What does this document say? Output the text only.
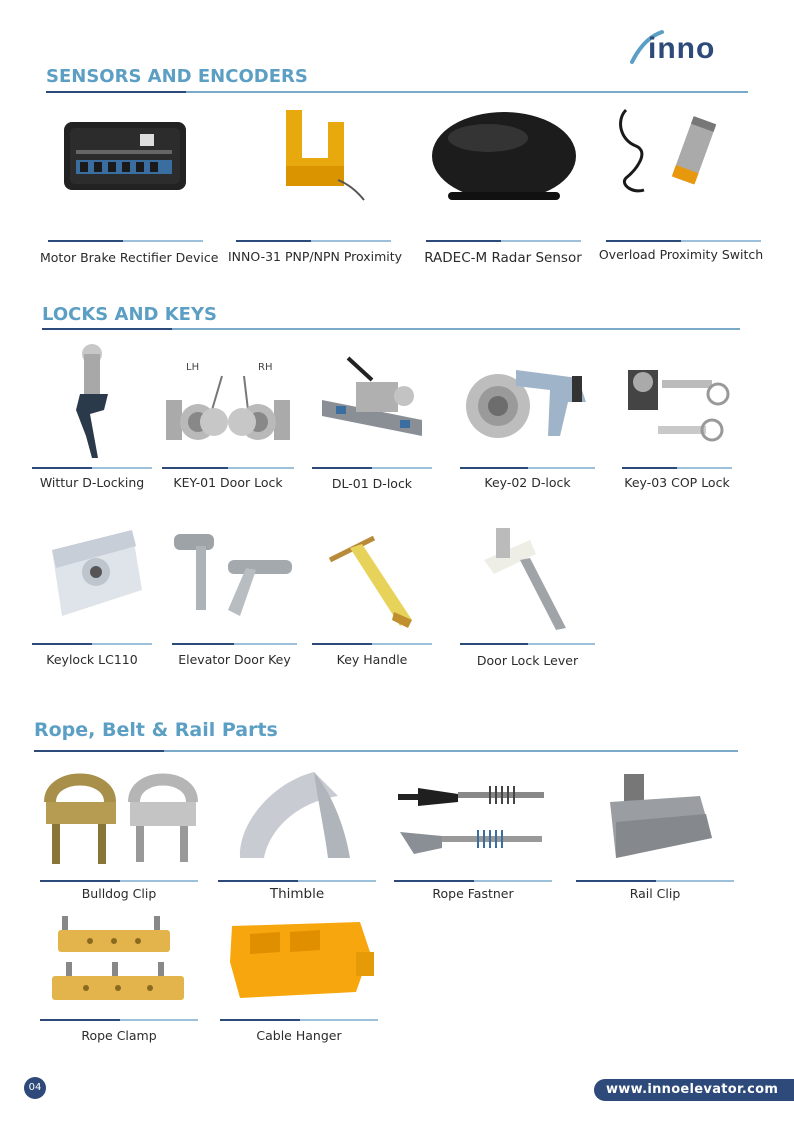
inno
SENSORS AND ENCODERS
Motor Brake Rectifier Device INNO-31 PNP/NPN Proximity	RADEC-M Radar Sensor	Overload Proximity Switch
LOCKS AND KEYS
Wittur D-Locking
LH	RH
KEY-01 Door Lock	DL-01 D-lock	Key-02 D-lock	Key-03 COP Lock
Keylock LC110	Elevator Door Key	Key Handle	Door Lock Lever
Rope, Belt & Rail Parts
Bulldog Clip	Thimble	Rope Fastner	Rail Clip
Rope Clamp	Cable Hanger
04	www.innoelevator.com
